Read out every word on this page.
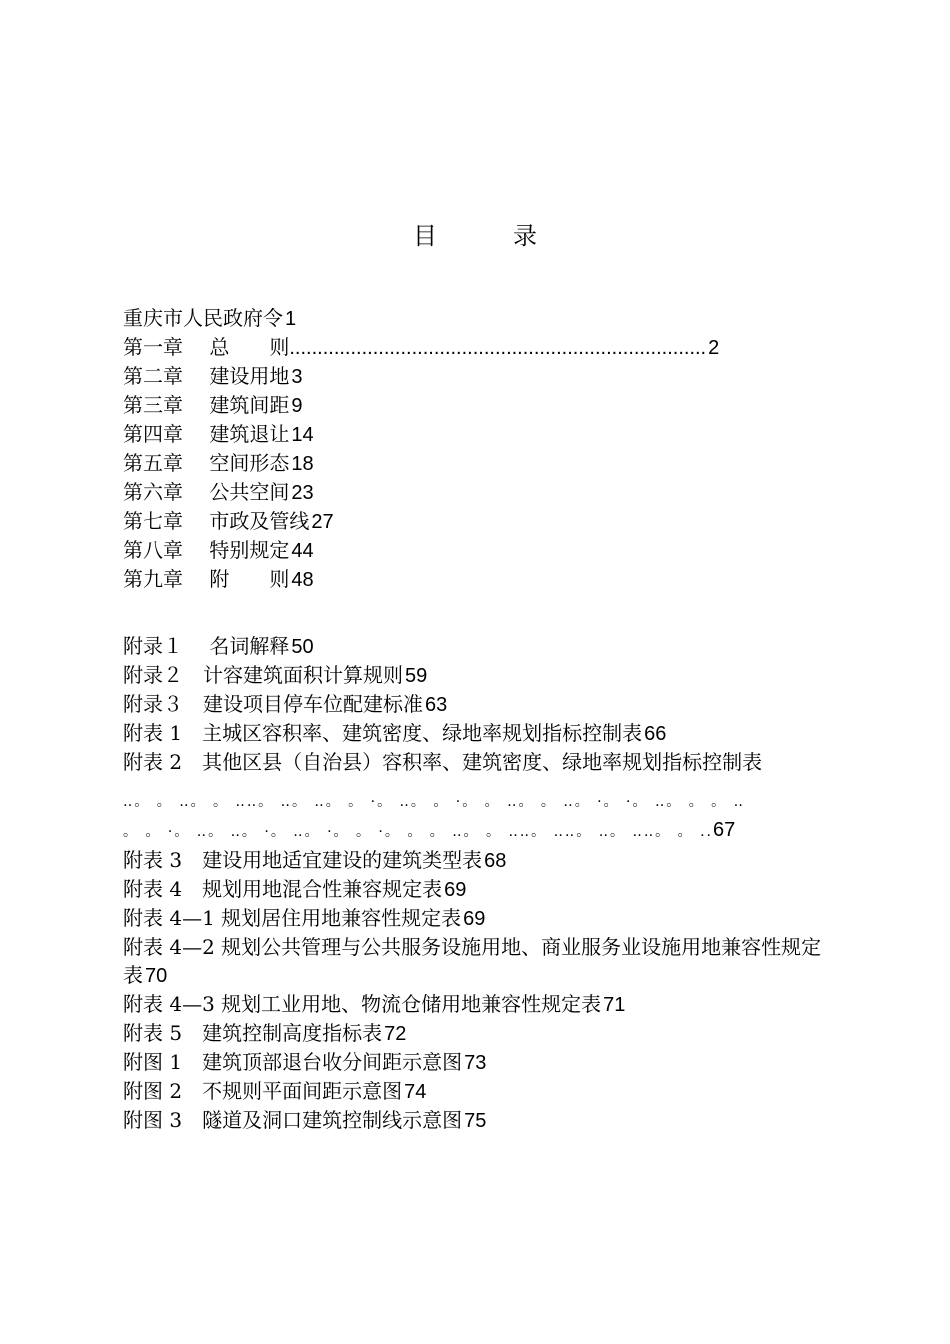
目　录
重庆市人民政府令 1
第一章　 总　　则........................................................................... 2
第二章　 建设用地 3
第三章　 建筑间距 9
第四章　 建筑退让 14
第五章　 空间形态 18
第六章　 公共空间 23
第七章　 市政及管线 27
第八章　 特别规定 44
第九章　 附　　则 48
附录１　 名词解释 50
附录２　计容建筑面积计算规则 59
附录３　建设项目停车位配建标准 63
附表 1　主城区容积率、建筑密度、绿地率规划指标控制表 66
附表 2　其他区县（自治县）容积率、建筑密度、绿地率规划指标控制表
‥。 。 ‥。 。 ‥‥。 ‥。 ‥。 。 ·。 ‥。 。 ·。 。 ‥。 。 ‥。 ·。 ·。 ‥。 。 。 ‥
。 。 ·。 ‥。 ‥。 ·。 ‥。 ·。 。 ·。 。 。 ‥。 。 ‥‥。 ‥‥。 ‥。 ‥‥。 。 ..67
附表 3　建设用地适宜建设的建筑类型表 68
附表 4　规划用地混合性兼容规定表 69
附表 4—1 规划居住用地兼容性规定表 69
附表 4—2 规划公共管理与公共服务设施用地、商业服务业设施用地兼容性规定表 70
附表 4—3 规划工业用地、物流仓储用地兼容性规定表 71
附表 5　建筑控制高度指标表 72
附图 1　建筑顶部退台收分间距示意图 73
附图 2　不规则平面间距示意图 74
附图 3　隧道及洞口建筑控制线示意图 75
